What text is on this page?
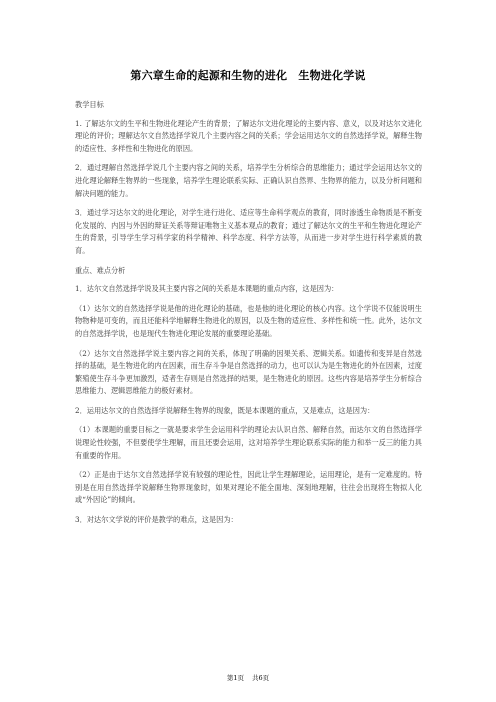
第六章生命的起源和生物的进化　生物进化学说

教学目标

1. 了解达尔文的生平和生物进化理论产生的背景；了解达尔文进化理论的主要内容、意义，以及对达尔文进化理论的评价；理解达尔文自然选择学说几个主要内容之间的关系；学会运用达尔文的自然选择学说，解释生物的适应性、多样性和生物进化的原因。

2．通过理解自然选择学说几个主要内容之间的关系，培养学生分析综合的思维能力；通过学会运用达尔文的进化理论解释生物界的一些现象，培养学生理论联系实际、正确认识自然界、生物界的能力，以及分析问题和解决问题的能力。

3．通过学习达尔文的进化理论，对学生进行进化、适应等生命科学观点的教育，同时渗透生命物质是不断变化发展的、内因与外因的辩证关系等辩证唯物主义基本观点的教育；通过了解达尔文的生平和生物进化理论产生的背景，引导学生学习科学家的科学精神、科学态度、科学方法等，从而进一步对学生进行科学素质的教育。

重点、难点分析

1．达尔文自然选择学说及其主要内容之间的关系是本课题的重点内容，这是因为：

（1）达尔文的自然选择学说是他的进化理论的基础，也是他的进化理论的核心内容。这个学说不仅能说明生物物种是可变的，而且还能科学地解释生物进化的原因，以及生物的适应性、多样性和统一性。此外，达尔文的自然选择学说，也是现代生物进化理论发展的重要理论基础。

（2）达尔文自然选择学说主要内容之间的关系，体现了明确的因果关系、逻辑关系。如遗传和变异是自然选择的基础，是生物进化的内在因素，而生存斗争是自然选择的动力，也可以认为是生物进化的外在因素，过度繁殖使生存斗争更加激烈，适者生存则是自然选择的结果，是生物进化的原因。这些内容是培养学生分析综合思维能力、逻辑思维能力的极好素材。

2．运用达尔文的自然选择学说解释生物界的现象，既是本课题的重点，又是难点，这是因为：

（1）本课题的重要目标之一就是要求学生会运用科学的理论去认识自然、解释自然，而达尔文的自然选择学说理论性较强，不但要使学生理解，而且还要会运用，这对培养学生理论联系实际的能力和举一反三的能力具有重要的作用。

（2）正是由于达尔文自然选择学说有较强的理论性，因此让学生理解理论，运用理论，是有一定难度的。特别是在用自然选择学说解释生物界现象时，如果对理论不能全面地、深刻地理解，往往会出现将生物拟人化或“外因论”的倾向。

3．对达尔文学说的评价是教学的难点，这是因为：

第1页 共6页
